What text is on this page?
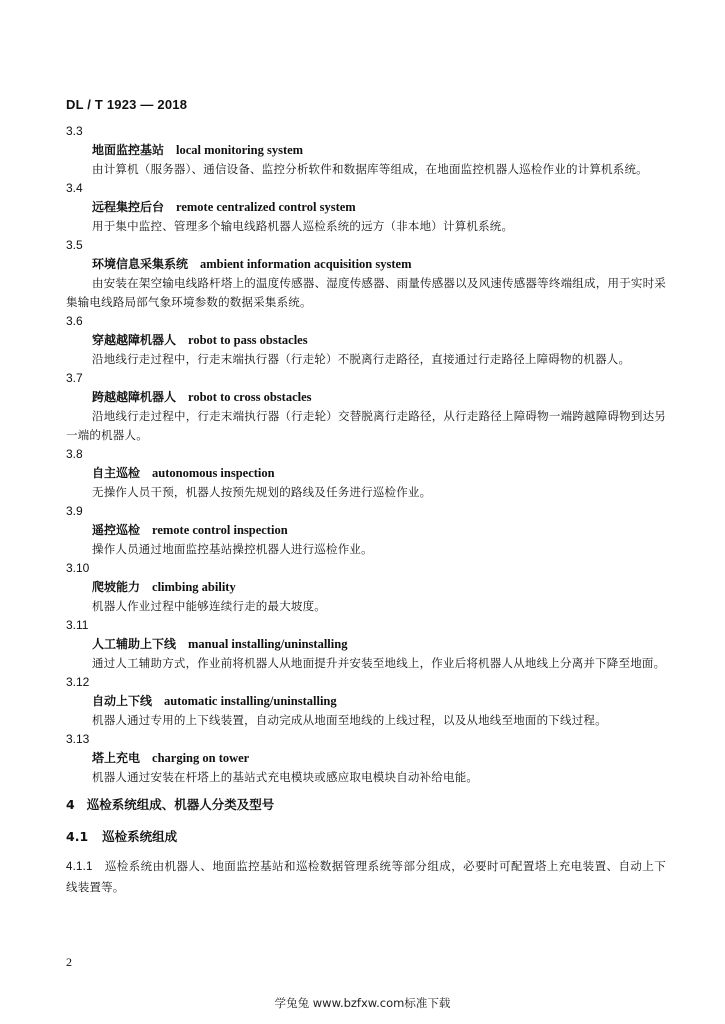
DL / T 1923 — 2018
3.3
地面监控基站 local monitoring system
由计算机（服务器）、通信设备、监控分析软件和数据库等组成，在地面监控机器人巡检作业的计算机系统。
3.4
远程集控后台 remote centralized control system
用于集中监控、管理多个输电线路机器人巡检系统的远方（非本地）计算机系统。
3.5
环境信息采集系统 ambient information acquisition system
由安装在架空输电线路杆塔上的温度传感器、湿度传感器、雨量传感器以及风速传感器等终端组成，用于实时采集输电线路局部气象环境参数的数据采集系统。
3.6
穿越越障机器人 robot to pass obstacles
沿地线行走过程中，行走末端执行器（行走轮）不脱离行走路径，直接通过行走路径上障碍物的机器人。
3.7
跨越越障机器人 robot to cross obstacles
沿地线行走过程中，行走末端执行器（行走轮）交替脱离行走路径，从行走路径上障碍物一端跨越障碍物到达另一端的机器人。
3.8
自主巡检 autonomous inspection
无操作人员干预，机器人按预先规划的路线及任务进行巡检作业。
3.9
遥控巡检 remote control inspection
操作人员通过地面监控基站操控机器人进行巡检作业。
3.10
爬坡能力 climbing ability
机器人作业过程中能够连续行走的最大坡度。
3.11
人工辅助上下线 manual installing/uninstalling
通过人工辅助方式，作业前将机器人从地面提升并安装至地线上，作业后将机器人从地线上分离并下降至地面。
3.12
自动上下线 automatic installing/uninstalling
机器人通过专用的上下线装置，自动完成从地面至地线的上线过程，以及从地线至地面的下线过程。
3.13
塔上充电 charging on tower
机器人通过安装在杆塔上的基站式充电模块或感应取电模块自动补给电能。
4 巡检系统组成、机器人分类及型号
4.1 巡检系统组成
4.1.1 巡检系统由机器人、地面监控基站和巡检数据管理系统等部分组成，必要时可配置塔上充电装置、自动上下线装置等。
2
学兔兔 www.bzfxw.com标准下载
